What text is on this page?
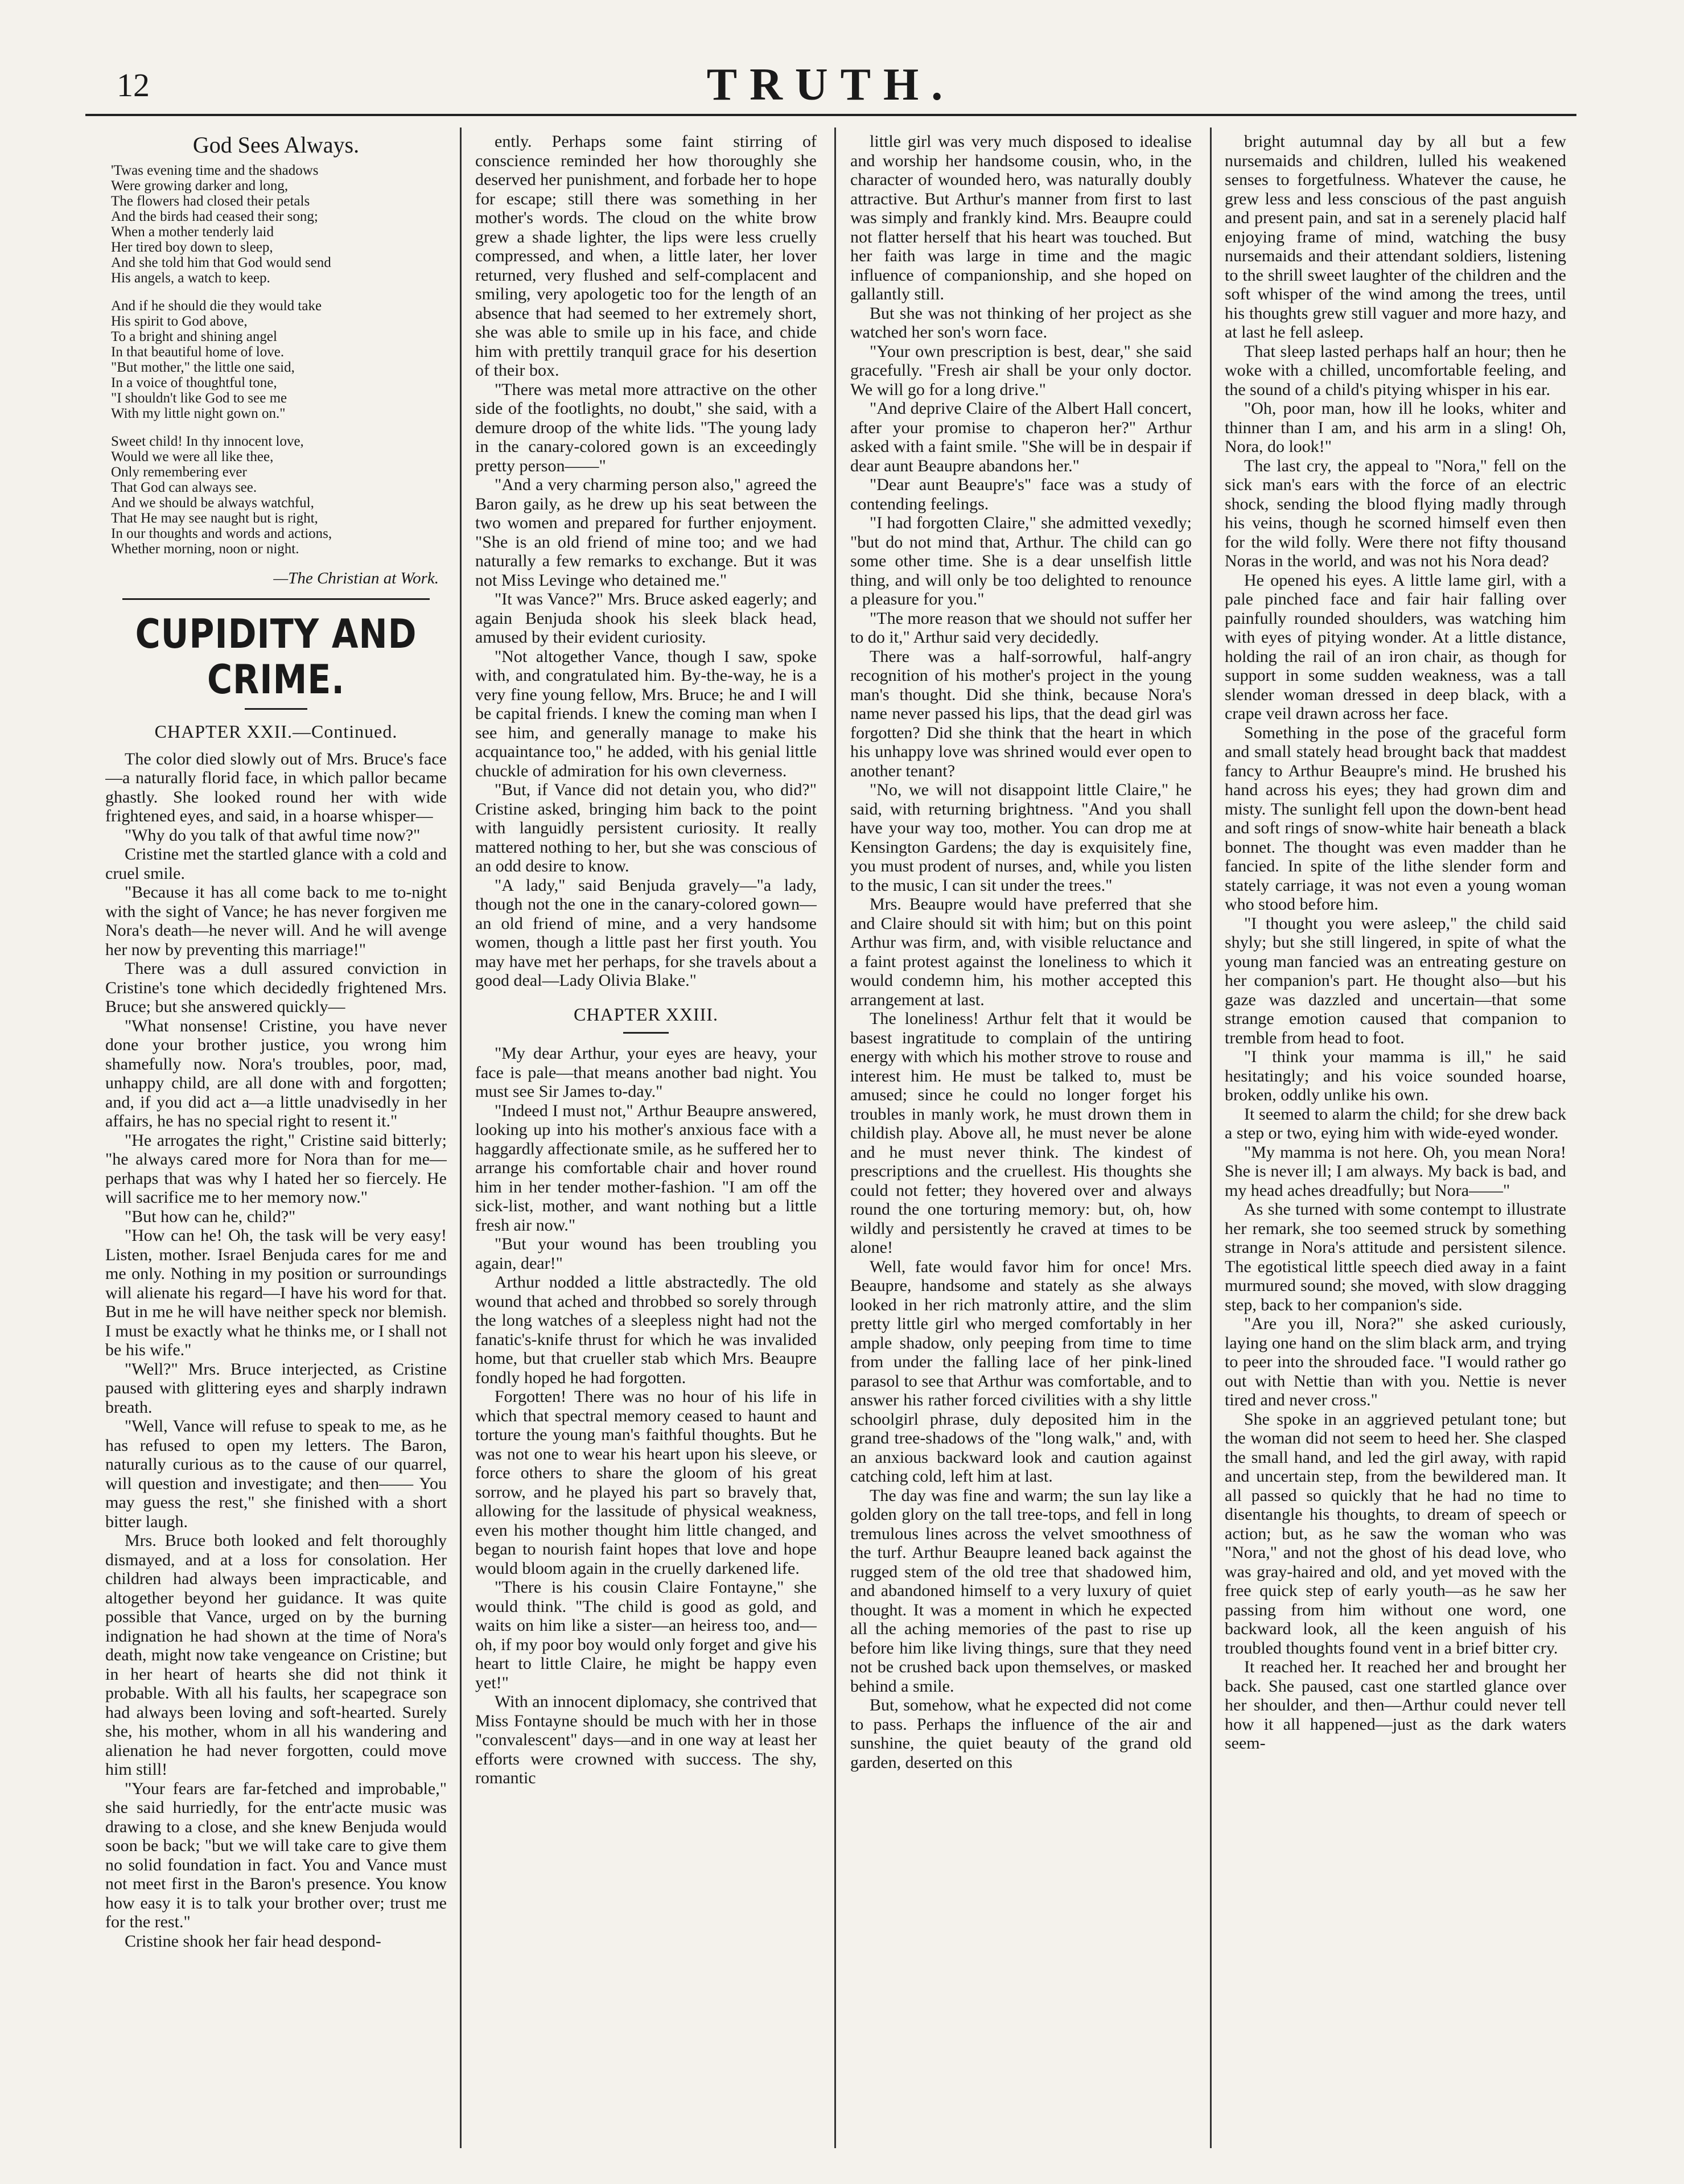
12	TRUTH.
God Sees Always.
'Twas evening time and the shadows
Were growing darker and long,
The flowers had closed their petals
And the birds had ceased their song;
When a mother tenderly laid
Her tired boy down to sleep,
And she told him that God would send
His angels, a watch to keep.
And if he should die they would take
His spirit to God above,
To a bright and shining angel
In that beautiful home of love.
"But mother," the little one said,
In a voice of thoughtful tone,
"I shouldn't like God to see me
With my little night gown on."
Sweet child! In thy innocent love,
Would we were all like thee,
Only remembering ever
That God can always see.
And we should be always watchful,
That He may see naught but is right,
In our thoughts and words and actions,
Whether morning, noon or night.
—The Christian at Work.
CUPIDITY AND CRIME.
CHAPTER XXII.—Continued.

The color died slowly out of Mrs. Bruce's face—a naturally florid face, in which pallor became ghastly. She looked round her with wide frightened eyes, and said, in a hoarse whisper—

"Why do you talk of that awful time now?"

Cristine met the startled glance with a cold and cruel smile.

"Because it has all come back to me to-night with the sight of Vance; he has never forgiven me Nora's death—he never will. And he will avenge her now by preventing this marriage!"

There was a dull assured conviction in Cristine's tone which decidedly frightened Mrs. Bruce; but she answered quickly—

"What nonsense! Cristine, you have never done your brother justice, you wrong him shamefully now. Nora's troubles, poor, mad, unhappy child, are all done with and forgotten; and, if you did act a—a little unadvisedly in her affairs, he has no special right to resent it."

"He arrogates the right," Cristine said bitterly; "he always cared more for Nora than for me—perhaps that was why I hated her so fiercely. He will sacrifice me to her memory now."

"But how can he, child?"

"How can he! Oh, the task will be very easy! Listen, mother. Israel Benjuda cares for me and me only. Nothing in my position or surroundings will alienate his regard—I have his word for that. But in me he will have neither speck nor blemish. I must be exactly what he thinks me, or I shall not be his wife."

"Well?" Mrs. Bruce interjected, as Cristine paused with glittering eyes and sharply indrawn breath.

"Well, Vance will refuse to speak to me, as he has refused to open my letters. The Baron, naturally curious as to the cause of our quarrel, will question and investigate; and then—— You may guess the rest," she finished with a short bitter laugh.

Mrs. Bruce both looked and felt thoroughly dismayed, and at a loss for consolation. Her children had always been impracticable, and altogether beyond her guidance. It was quite possible that Vance, urged on by the burning indignation he had shown at the time of Nora's death, might now take vengeance on Cristine; but in her heart of hearts she did not think it probable. With all his faults, her scapegrace son had always been loving and soft-hearted. Surely she, his mother, whom in all his wandering and alienation he had never forgotten, could move him still!

"Your fears are far-fetched and improbable," she said hurriedly, for the entr'acte music was drawing to a close, and she knew Benjuda would soon be back; "but we will take care to give them no solid foundation in fact. You and Vance must not meet first in the Baron's presence. You know how easy it is to talk your brother over; trust me for the rest."

Cristine shook her fair head despond-

ently. Perhaps some faint stirring of conscience reminded her how thoroughly she deserved her punishment, and forbade her to hope for escape; still there was something in her mother's words. The cloud on the white brow grew a shade lighter, the lips were less cruelly compressed, and when, a little later, her lover returned, very flushed and self-complacent and smiling, very apologetic too for the length of an absence that had seemed to her extremely short, she was able to smile up in his face, and chide him with prettily tranquil grace for his desertion of their box.

"There was metal more attractive on the other side of the footlights, no doubt," she said, with a demure droop of the white lids. "The young lady in the canary-colored gown is an exceedingly pretty person——"

"And a very charming person also," agreed the Baron gaily, as he drew up his seat between the two women and prepared for further enjoyment. "She is an old friend of mine too; and we had naturally a few remarks to exchange. But it was not Miss Levinge who detained me."

"It was Vance?" Mrs. Bruce asked eagerly; and again Benjuda shook his sleek black head, amused by their evident curiosity.

"Not altogether Vance, though I saw, spoke with, and congratulated him. By-the-way, he is a very fine young fellow, Mrs. Bruce; he and I will be capital friends. I knew the coming man when I see him, and generally manage to make his acquaintance too," he added, with his genial little chuckle of admiration for his own cleverness.

"But, if Vance did not detain you, who did?" Cristine asked, bringing him back to the point with languidly persistent curiosity. It really mattered nothing to her, but she was conscious of an odd desire to know.

"A lady," said Benjuda gravely—"a lady, though not the one in the canary-colored gown—an old friend of mine, and a very handsome women, though a little past her first youth. You may have met her perhaps, for she travels about a good deal—Lady Olivia Blake."

CHAPTER XXIII.

"My dear Arthur, your eyes are heavy, your face is pale—that means another bad night. You must see Sir James to-day."

"Indeed I must not," Arthur Beaupre answered, looking up into his mother's anxious face with a haggardly affectionate smile, as he suffered her to arrange his comfortable chair and hover round him in her tender mother-fashion. "I am off the sick-list, mother, and want nothing but a little fresh air now."

"But your wound has been troubling you again, dear!"

Arthur nodded a little abstractedly. The old wound that ached and throbbed so sorely through the long watches of a sleepless night had not the fanatic's-knife thrust for which he was invalided home, but that crueller stab which Mrs. Beaupre fondly hoped he had forgotten.

Forgotten! There was no hour of his life in which that spectral memory ceased to haunt and torture the young man's faithful thoughts. But he was not one to wear his heart upon his sleeve, or force others to share the gloom of his great sorrow, and he played his part so bravely that, allowing for the lassitude of physical weakness, even his mother thought him little changed, and began to nourish faint hopes that love and hope would bloom again in the cruelly darkened life.

"There is his cousin Claire Fontayne," she would think. "The child is good as gold, and waits on him like a sister—an heiress too, and—oh, if my poor boy would only forget and give his heart to little Claire, he might be happy even yet!"

With an innocent diplomacy, she contrived that Miss Fontayne should be much with her in those "convalescent" days—and in one way at least her efforts were crowned with success. The shy, romantic

little girl was very much disposed to idealise and worship her handsome cousin, who, in the character of wounded hero, was naturally doubly attractive. But Arthur's manner from first to last was simply and frankly kind. Mrs. Beaupre could not flatter herself that his heart was touched. But her faith was large in time and the magic influence of companionship, and she hoped on gallantly still.

But she was not thinking of her project as she watched her son's worn face.

"Your own prescription is best, dear," she said gracefully. "Fresh air shall be your only doctor. We will go for a long drive."

"And deprive Claire of the Albert Hall concert, after your promise to chaperon her?" Arthur asked with a faint smile. "She will be in despair if dear aunt Beaupre abandons her."

"Dear aunt Beaupre's" face was a study of contending feelings.

"I had forgotten Claire," she admitted vexedly; "but do not mind that, Arthur. The child can go some other time. She is a dear unselfish little thing, and will only be too delighted to renounce a pleasure for you."

"The more reason that we should not suffer her to do it," Arthur said very decidedly.

There was a half-sorrowful, half-angry recognition of his mother's project in the young man's thought. Did she think, because Nora's name never passed his lips, that the dead girl was forgotten? Did she think that the heart in which his unhappy love was shrined would ever open to another tenant?

"No, we will not disappoint little Claire," he said, with returning brightness. "And you shall have your way too, mother. You can drop me at Kensington Gardens; the day is exquisitely fine, you must prodent of nurses, and, while you listen to the music, I can sit under the trees."

Mrs. Beaupre would have preferred that she and Claire should sit with him; but on this point Arthur was firm, and, with visible reluctance and a faint protest against the loneliness to which it would condemn him, his mother accepted this arrangement at last.

The loneliness! Arthur felt that it would be basest ingratitude to complain of the untiring energy with which his mother strove to rouse and interest him. He must be talked to, must be amused; since he could no longer forget his troubles in manly work, he must drown them in childish play. Above all, he must never be alone and he must never think. The kindest of prescriptions and the cruellest. His thoughts she could not fetter; they hovered over and always round the one torturing memory: but, oh, how wildly and persistently he craved at times to be alone!

Well, fate would favor him for once! Mrs. Beaupre, handsome and stately as she always looked in her rich matronly attire, and the slim pretty little girl who merged comfortably in her ample shadow, only peeping from time to time from under the falling lace of her pink-lined parasol to see that Arthur was comfortable, and to answer his rather forced civilities with a shy little schoolgirl phrase, duly deposited him in the grand tree-shadows of the "long walk," and, with an anxious backward look and caution against catching cold, left him at last.

The day was fine and warm; the sun lay like a golden glory on the tall tree-tops, and fell in long tremulous lines across the velvet smoothness of the turf. Arthur Beaupre leaned back against the rugged stem of the old tree that shadowed him, and abandoned himself to a very luxury of quiet thought. It was a moment in which he expected all the aching memories of the past to rise up before him like living things, sure that they need not be crushed back upon themselves, or masked behind a smile.

But, somehow, what he expected did not come to pass. Perhaps the influence of the air and sunshine, the quiet beauty of the grand old garden, deserted on this

bright autumnal day by all but a few nursemaids and children, lulled his weakened senses to forgetfulness. Whatever the cause, he grew less and less conscious of the past anguish and present pain, and sat in a serenely placid half enjoying frame of mind, watching the busy nursemaids and their attendant soldiers, listening to the shrill sweet laughter of the children and the soft whisper of the wind among the trees, until his thoughts grew still vaguer and more hazy, and at last he fell asleep.

That sleep lasted perhaps half an hour; then he woke with a chilled, uncomfortable feeling, and the sound of a child's pitying whisper in his ear.

"Oh, poor man, how ill he looks, whiter and thinner than I am, and his arm in a sling! Oh, Nora, do look!"

The last cry, the appeal to "Nora," fell on the sick man's ears with the force of an electric shock, sending the blood flying madly through his veins, though he scorned himself even then for the wild folly. Were there not fifty thousand Noras in the world, and was not his Nora dead?

He opened his eyes. A little lame girl, with a pale pinched face and fair hair falling over painfully rounded shoulders, was watching him with eyes of pitying wonder. At a little distance, holding the rail of an iron chair, as though for support in some sudden weakness, was a tall slender woman dressed in deep black, with a crape veil drawn across her face.

Something in the pose of the graceful form and small stately head brought back that maddest fancy to Arthur Beaupre's mind. He brushed his hand across his eyes; they had grown dim and misty. The sunlight fell upon the down-bent head and soft rings of snow-white hair beneath a black bonnet. The thought was even madder than he fancied. In spite of the lithe slender form and stately carriage, it was not even a young woman who stood before him.

"I thought you were asleep," the child said shyly; but she still lingered, in spite of what the young man fancied was an entreating gesture on her companion's part. He thought also—but his gaze was dazzled and uncertain—that some strange emotion caused that companion to tremble from head to foot.

"I think your mamma is ill," he said hesitatingly; and his voice sounded hoarse, broken, oddly unlike his own.

It seemed to alarm the child; for she drew back a step or two, eying him with wide-eyed wonder.

"My mamma is not here. Oh, you mean Nora! She is never ill; I am always. My back is bad, and my head aches dreadfully; but Nora——"

As she turned with some contempt to illustrate her remark, she too seemed struck by something strange in Nora's attitude and persistent silence. The egotistical little speech died away in a faint murmured sound; she moved, with slow dragging step, back to her companion's side.

"Are you ill, Nora?" she asked curiously, laying one hand on the slim black arm, and trying to peer into the shrouded face. "I would rather go out with Nettie than with you. Nettie is never tired and never cross."

She spoke in an aggrieved petulant tone; but the woman did not seem to heed her. She clasped the small hand, and led the girl away, with rapid and uncertain step, from the bewildered man. It all passed so quickly that he had no time to disentangle his thoughts, to dream of speech or action; but, as he saw the woman who was "Nora," and not the ghost of his dead love, who was gray-haired and old, and yet moved with the free quick step of early youth—as he saw her passing from him without one word, one backward look, all the keen anguish of his troubled thoughts found vent in a brief bitter cry.

It reached her. It reached her and brought her back. She paused, cast one startled glance over her shoulder, and then—Arthur could never tell how it all happened—just as the dark waters seem-
